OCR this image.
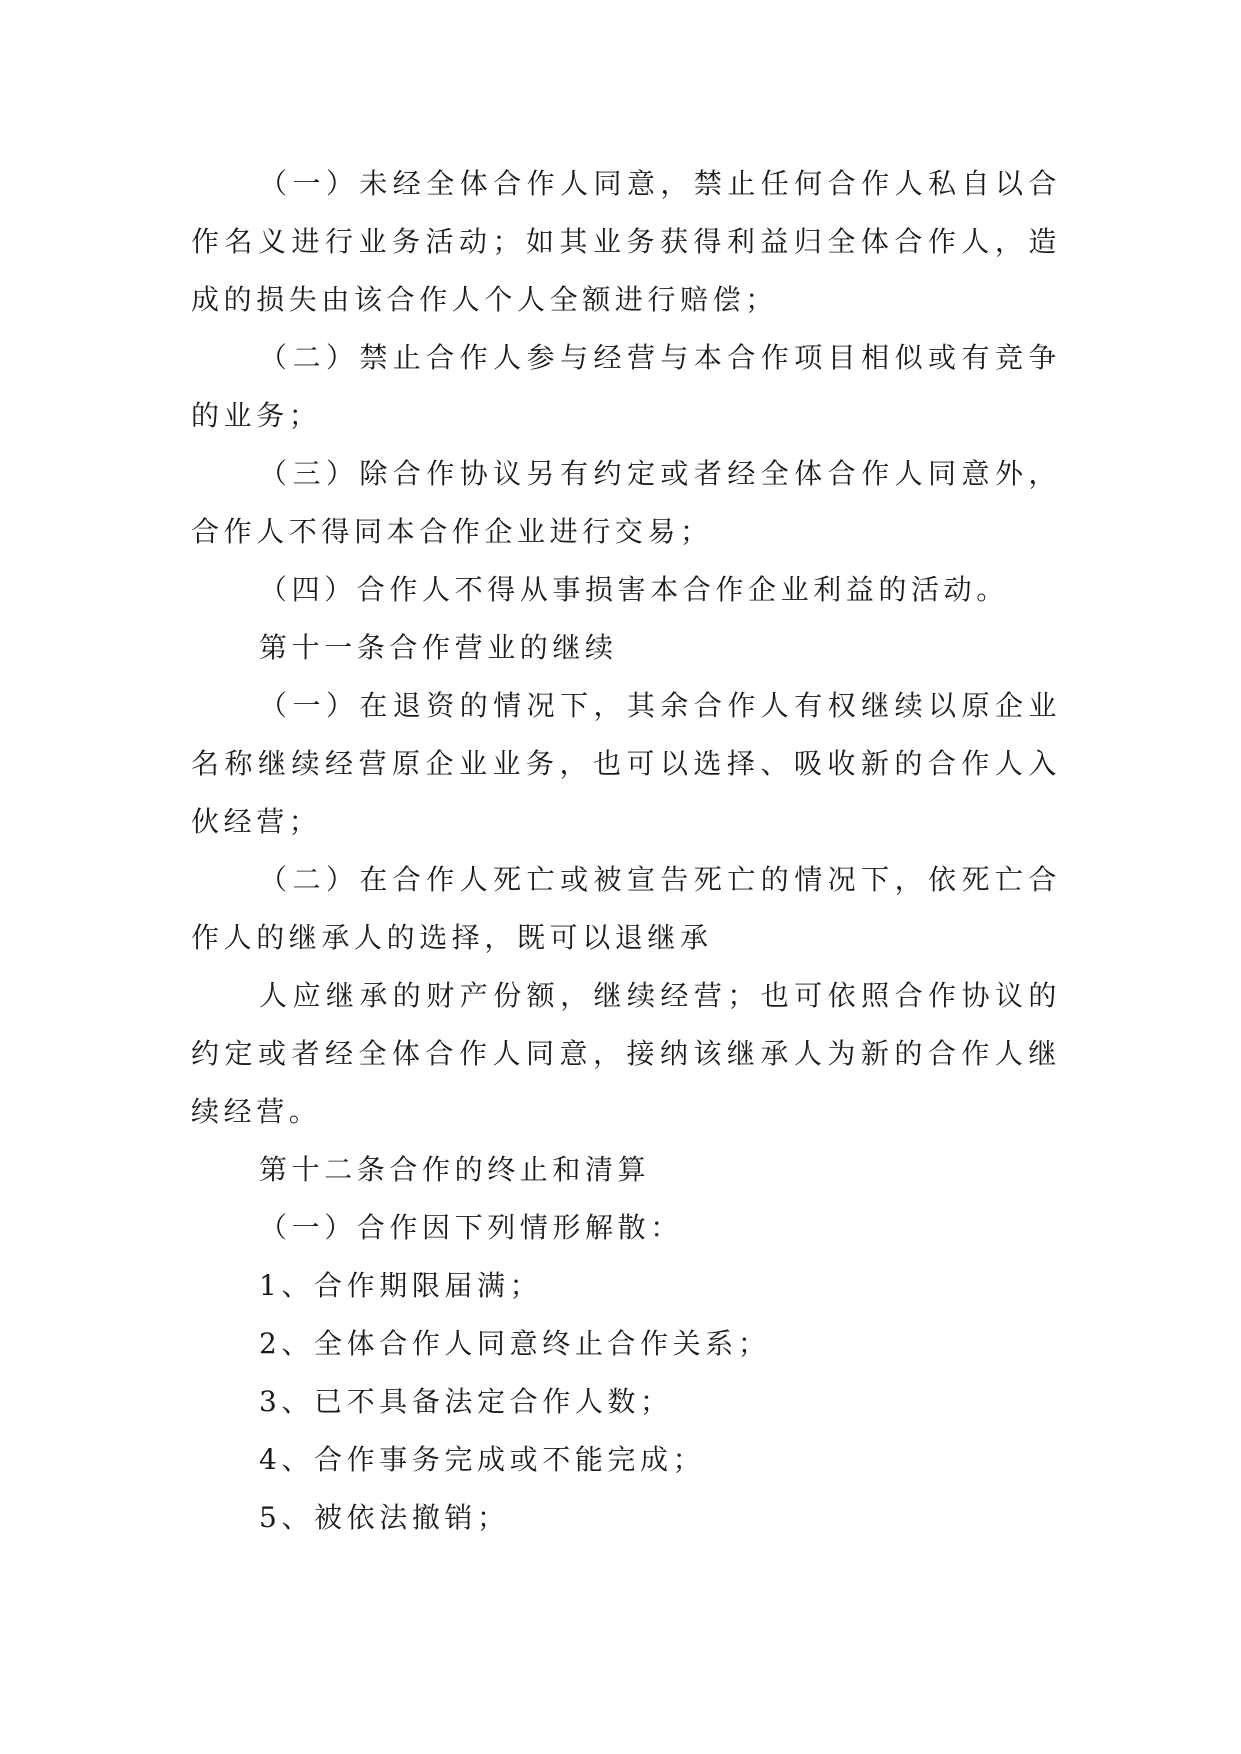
（一）未经全体合作人同意，禁止任何合作人私自以合
作名义进行业务活动；如其业务获得利益归全体合作人，造
成的损失由该合作人个人全额进行赔偿；
（二）禁止合作人参与经营与本合作项目相似或有竞争
的业务；
（三）除合作协议另有约定或者经全体合作人同意外，
合作人不得同本合作企业进行交易；
（四）合作人不得从事损害本合作企业利益的活动。
第十一条合作营业的继续
（一）在退资的情况下，其余合作人有权继续以原企业
名称继续经营原企业业务，也可以选择、吸收新的合作人入
伙经营；
（二）在合作人死亡或被宣告死亡的情况下，依死亡合
作人的继承人的选择，既可以退继承
人应继承的财产份额，继续经营；也可依照合作协议的
约定或者经全体合作人同意，接纳该继承人为新的合作人继
续经营。
第十二条合作的终止和清算
（一）合作因下列情形解散：
1、合作期限届满；
2、全体合作人同意终止合作关系；
3、已不具备法定合作人数；
4、合作事务完成或不能完成；
5、被依法撤销；
